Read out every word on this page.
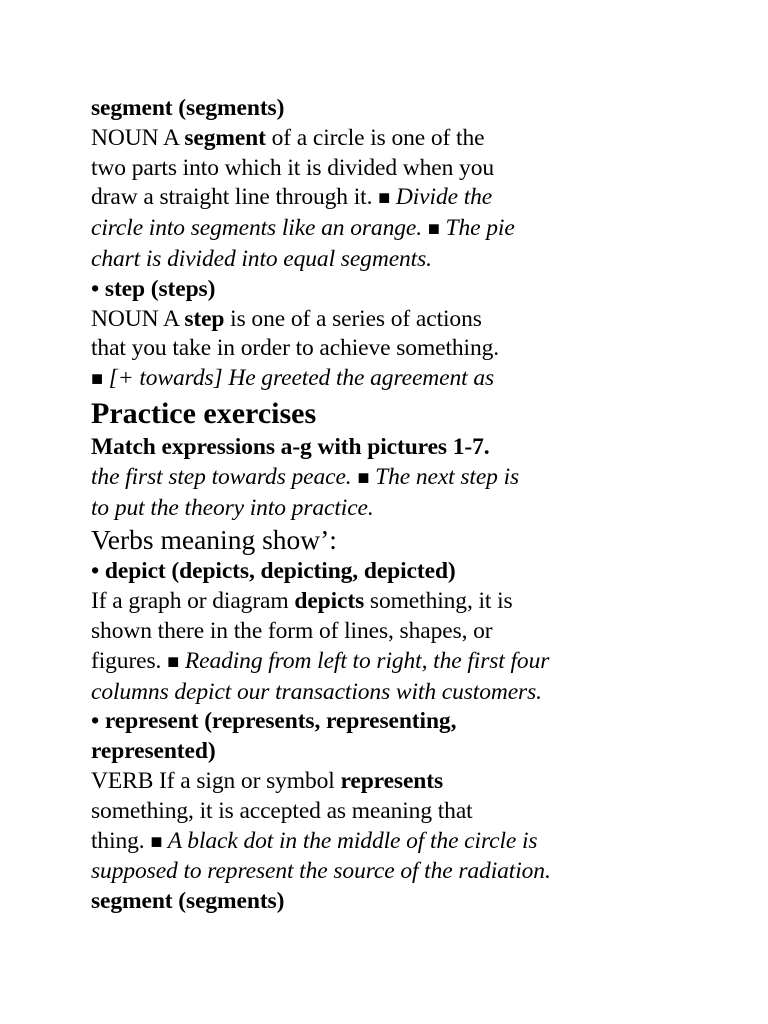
segment (segments)
NOUN A segment of a circle is one of the
two parts into which it is divided when you
draw a straight line through it. ■ Divide the
circle into segments like an orange. ■ The pie
chart is divided into equal segments.
• step (steps)
NOUN A step is one of a series of actions
that you take in order to achieve something.
■ [+ towards] He greeted the agreement as
Practice exercises
Match expressions a-g with pictures 1-7.
the first step towards peace. ■ The next step is
to put the theory into practice.
Verbs meaning show’:
• depict (depicts, depicting, depicted)
If a graph or diagram depicts something, it is
shown there in the form of lines, shapes, or
figures. ■ Reading from left to right, the first four
columns depict our transactions with customers.
• represent (represents, representing,
represented)
VERB If a sign or symbol represents
something, it is accepted as meaning that
thing. ■ A black dot in the middle of the circle is
supposed to represent the source of the radiation.
segment (segments)
